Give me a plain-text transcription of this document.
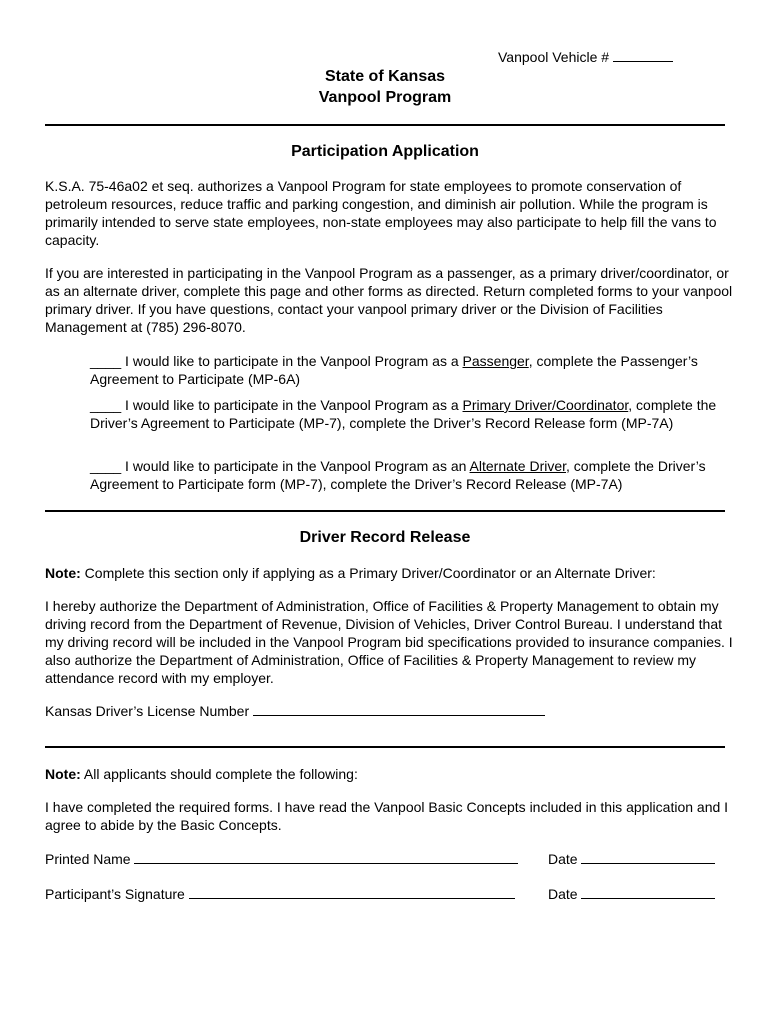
Vanpool Vehicle #
State of Kansas
Vanpool Program
Participation Application

K.S.A. 75-46a02 et seq. authorizes a Vanpool Program for state employees to promote conservation of petroleum resources, reduce traffic and parking congestion, and diminish air pollution. While the program is primarily intended to serve state employees, non-state employees may also participate to help fill the vans to capacity.

If you are interested in participating in the Vanpool Program as a passenger, as a primary driver/coordinator, or as an alternate driver, complete this page and other forms as directed. Return completed forms to your vanpool primary driver. If you have questions, contact your vanpool primary driver or the Division of Facilities Management at (785) 296-8070.

____ I would like to participate in the Vanpool Program as a Passenger, complete the Passenger’s Agreement to Participate (MP-6A)

____ I would like to participate in the Vanpool Program as a Primary Driver/Coordinator, complete the Driver’s Agreement to Participate (MP-7), complete the Driver’s Record Release form (MP-7A)

____ I would like to participate in the Vanpool Program as an Alternate Driver, complete the Driver’s Agreement to Participate form (MP-7), complete the Driver’s Record Release (MP-7A)

Driver Record Release

Note: Complete this section only if applying as a Primary Driver/Coordinator or an Alternate Driver:

I hereby authorize the Department of Administration, Office of Facilities & Property Management to obtain my driving record from the Department of Revenue, Division of Vehicles, Driver Control Bureau. I understand that my driving record will be included in the Vanpool Program bid specifications provided to insurance companies. I also authorize the Department of Administration, Office of Facilities & Property Management to review my attendance record with my employer.

Kansas Driver’s License Number

Note: All applicants should complete the following:

I have completed the required forms. I have read the Vanpool Basic Concepts included in this application and I agree to abide by the Basic Concepts.

Printed Name	Date
Participant’s Signature	Date
